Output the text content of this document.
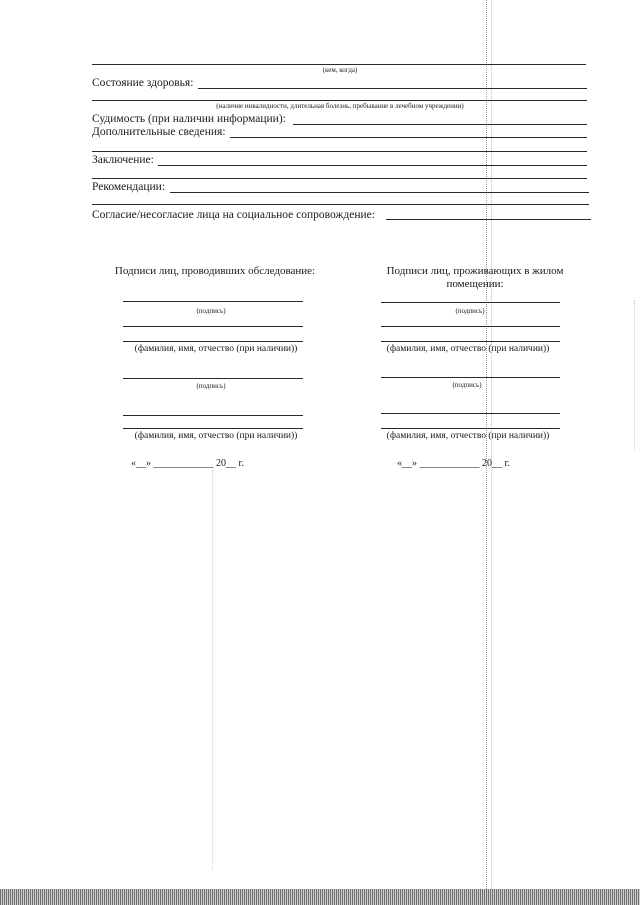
(кем, когда)
Состояние здоровья:
(наличие инвалидности, длительная болезнь, пребывание в лечебном учреждении)
Судимость (при наличии информации):
Дополнительные сведения:
Заключение:
Рекомендации:
Согласие/несогласие лица на социальное сопровождение:
Подписи лиц, проводивших обследование:
(подпись)
(фамилия, имя, отчество (при наличии))
(подпись)
(фамилия, имя, отчество (при наличии))
«__» ____________ 20__ г.
Подписи лиц, проживающих в жилом помещении:
(подпись)
(фамилия, имя, отчество (при наличии))
(подпись)
(фамилия, имя, отчество (при наличии))
«__» ____________ 20__ г.
